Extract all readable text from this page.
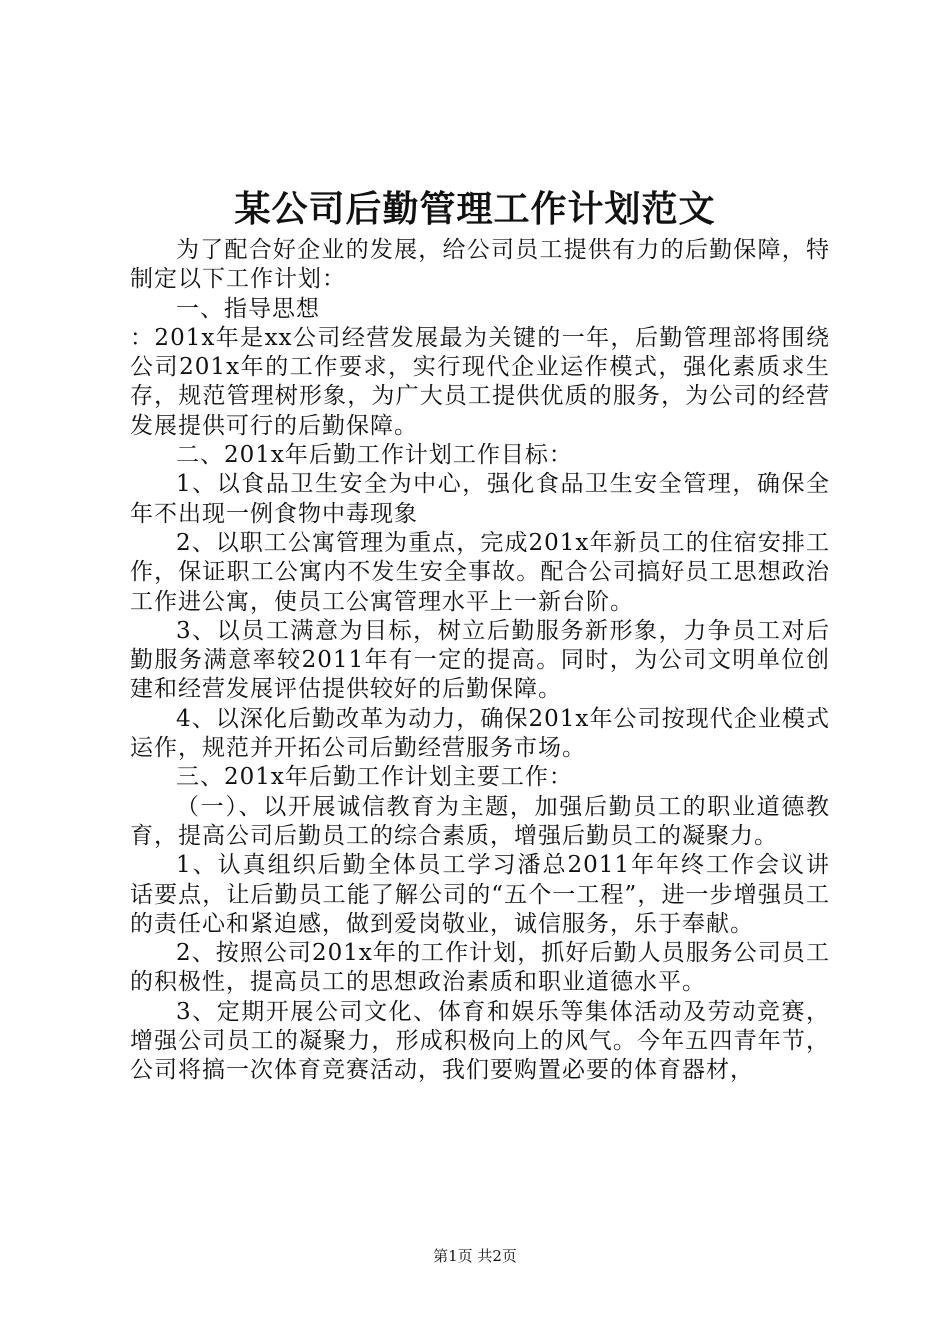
某公司后勤管理工作计划范文

为了配合好企业的发展，给公司员工提供有力的后勤保障，特制定以下工作计划：

一、指导思想

：201x年是xx公司经营发展最为关键的一年，后勤管理部将围绕公司201x年的工作要求，实行现代企业运作模式，强化素质求生存，规范管理树形象，为广大员工提供优质的服务，为公司的经营发展提供可行的后勤保障。

二、201x年后勤工作计划工作目标：

1、以食品卫生安全为中心，强化食品卫生安全管理，确保全年不出现一例食物中毒现象

2、以职工公寓管理为重点，完成201x年新员工的住宿安排工作，保证职工公寓内不发生安全事故。配合公司搞好员工思想政治工作进公寓，使员工公寓管理水平上一新台阶。

3、以员工满意为目标，树立后勤服务新形象，力争员工对后勤服务满意率较2011年有一定的提高。同时，为公司文明单位创建和经营发展评估提供较好的后勤保障。

4、以深化后勤改革为动力，确保201x年公司按现代企业模式运作，规范并开拓公司后勤经营服务市场。

三、201x年后勤工作计划主要工作：

（一）、以开展诚信教育为主题，加强后勤员工的职业道德教育，提高公司后勤员工的综合素质，增强后勤员工的凝聚力。

1、认真组织后勤全体员工学习潘总2011年年终工作会议讲话要点，让后勤员工能了解公司的“五个一工程”，进一步增强员工的责任心和紧迫感，做到爱岗敬业，诚信服务，乐于奉献。

2、按照公司201x年的工作计划，抓好后勤人员服务公司员工的积极性，提高员工的思想政治素质和职业道德水平。

3、定期开展公司文化、体育和娱乐等集体活动及劳动竞赛，增强公司员工的凝聚力，形成积极向上的风气。今年五四青年节，公司将搞一次体育竞赛活动，我们要购置必要的体育器材，

第1页 共2页
